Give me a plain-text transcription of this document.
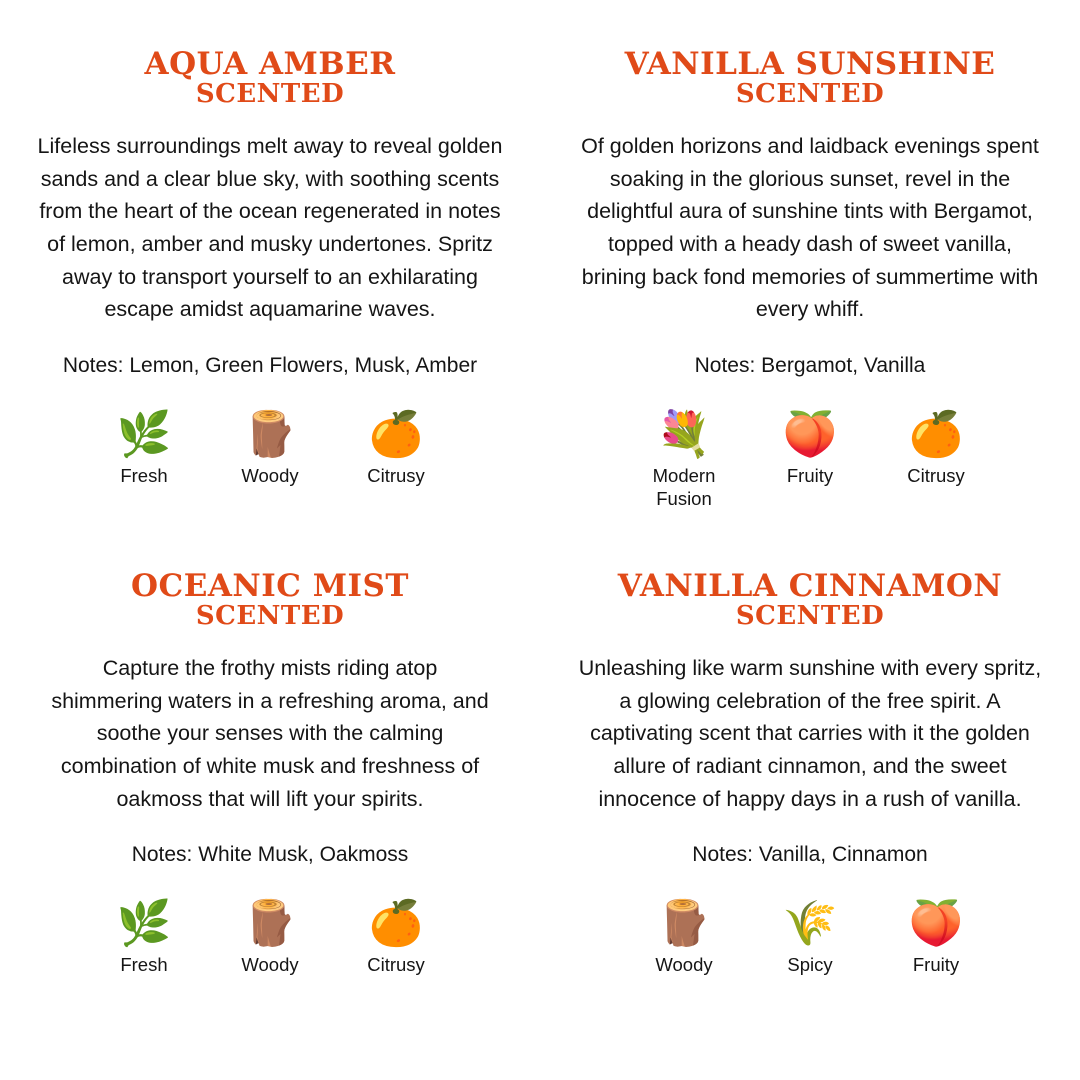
AQUA AMBER
SCENTED

Lifeless surroundings melt away to reveal golden sands and a clear blue sky, with soothing scents from the heart of the ocean regenerated in notes of lemon, amber and musky undertones. Spritz away to transport yourself to an exhilarating escape amidst aquamarine waves.

Notes: Lemon, Green Flowers, Musk, Amber

🌿
Fresh
🪵
Woody
🍊
Citrusy
VANILLA SUNSHINE
SCENTED

Of golden horizons and laidback evenings spent soaking in the glorious sunset, revel in the delightful aura of sunshine tints with Bergamot, topped with a heady dash of sweet vanilla, brining back fond memories of summertime with every whiff.

Notes: Bergamot, Vanilla

💐
Modern Fusion
🍑
Fruity
🍊
Citrusy
OCEANIC MIST
SCENTED

Capture the frothy mists riding atop shimmering waters in a refreshing aroma, and soothe your senses with the calming combination of white musk and freshness of oakmoss that will lift your spirits.

Notes: White Musk, Oakmoss

🌿
Fresh
🪵
Woody
🍊
Citrusy
VANILLA CINNAMON
SCENTED

Unleashing like warm sunshine with every spritz, a glowing celebration of the free spirit. A captivating scent that carries with it the golden allure of radiant cinnamon, and the sweet innocence of happy days in a rush of vanilla.

Notes: Vanilla, Cinnamon

🪵
Woody
🌾
Spicy
🍑
Fruity
